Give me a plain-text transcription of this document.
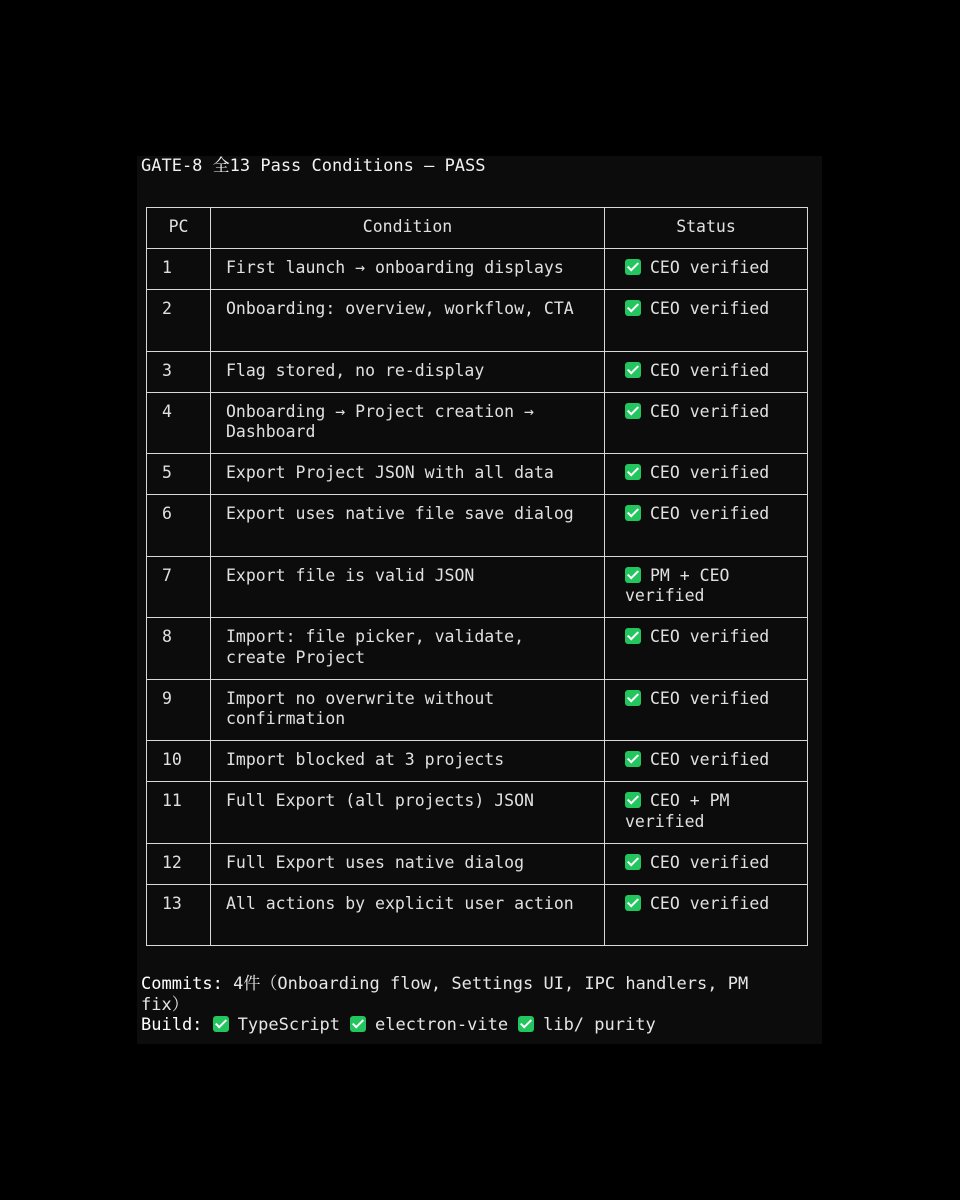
GATE-8 全13 Pass Conditions — PASS
PC	Condition	Status
1	First launch → onboarding displays	CEO verified
2	Onboarding: overview, workflow, CTA	CEO verified
3	Flag stored, no re-display	CEO verified
4	Onboarding → Project creation → Dashboard	CEO verified
5	Export Project JSON with all data	CEO verified
6	Export uses native file save dialog	CEO verified
7	Export file is valid JSON	PM + CEO verified
8	Import: file picker, validate, create Project	CEO verified
9	Import no overwrite without confirmation	CEO verified
10	Import blocked at 3 projects	CEO verified
11	Full Export (all projects) JSON	CEO + PM verified
12	Full Export uses native dialog	CEO verified
13	All actions by explicit user action	CEO verified
Commits: 4件（Onboarding flow, Settings UI, IPC handlers, PM fix）
Build: TypeScript electron-vite lib/ purity
